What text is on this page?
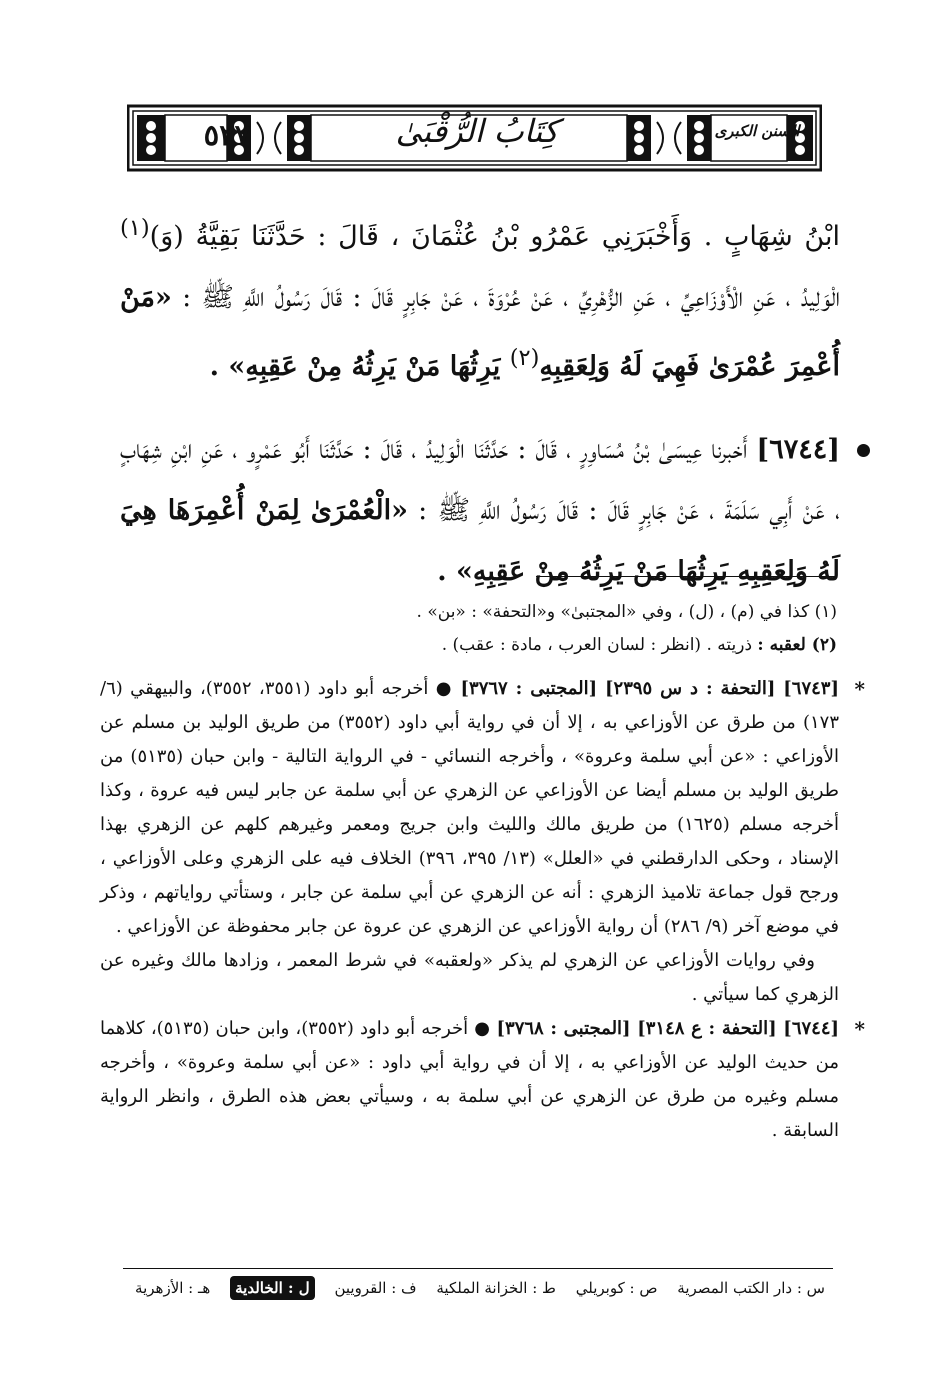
٥٢٧	كِتَابُ الرُّقْبَىٰ	السنن الكبرى

ابْنُ شِهَابٍ . وَأَخْبَرَنِي عَمْرُو بْنُ عُثْمَانَ ، قَالَ : حَدَّثَنَا بَقِيَّةُ (وَ)$^{(١)}$ الْوَلِيدُ ، عَنِ الْأَوْزَاعِيِّ ، عَنِ الزُّهْرِيِّ ، عَنْ عُرْوَةَ ، عَنْ جَابِرٍ قَالَ : قَالَ رَسُولُ اللَّهِ ﷺ : «مَنْ أُعْمِرَ عُمْرَىٰ فَهِيَ لَهُ وَلِعَقِبِهِ$^{(٢)}$ يَرِثُهَا مَنْ يَرِثُهُ مِنْ عَقِبِهِ» .

[٦٧٤٤] أَخبرنا عِيسَىٰ بْنُ مُسَاوِرٍ ، قَالَ : حَدَّثَنَا الْوَلِيدُ ، قَالَ : حَدَّثَنَا أَبُو عَمْرٍو ، عَنِ ابْنِ شِهَابٍ ، عَنْ أَبِي سَلَمَةَ ، عَنْ جَابِرٍ قَالَ : قَالَ رَسُولُ اللَّهِ ﷺ : «الْعُمْرَىٰ لِمَنْ أُعْمِرَهَا هِيَ لَهُ وَلِعَقِبِهِ يَرِثُهَا مَنْ يَرِثُهُ مِنْ عَقِبِهِ» .

(١) كذا في (م) ، (ل) ، وفي «المجتبىٰ» و«التحفة» : «بن» .

(٢) لعقبه : ذريته . (انظر : لسان العرب ، مادة : عقب) .

*
[٦٧٤٣] [التحفة : د س ٢٣٩٥] [المجتبى : ٣٧٦٧] ● أخرجه أبو داود (٣٥٥١، ٣٥٥٢)، والبيهقي (٦/ ١٧٣) من طرق عن الأوزاعي به ، إلا أن في رواية أبي داود (٣٥٥٢) من طريق الوليد بن مسلم عن الأوزاعي : «عن أبي سلمة وعروة» ، وأخرجه النسائي - في الرواية التالية - وابن حبان (٥١٣٥) من طريق الوليد بن مسلم أيضا عن الأوزاعي عن الزهري عن أبي سلمة عن جابر ليس فيه عروة ، وكذا أخرجه مسلم (١٦٢٥) من طريق مالك والليث وابن جريج ومعمر وغيرهم كلهم عن الزهري بهذا الإسناد ، وحكى الدارقطني في «العلل» (١٣/ ٣٩٥، ٣٩٦) الخلاف فيه على الزهري وعلى الأوزاعي ، ورجح قول جماعة تلاميذ الزهري : أنه عن الزهري عن أبي سلمة عن جابر ، وستأتي رواياتهم ، وذكر في موضع آخر (٩/ ٢٨٦) أن رواية الأوزاعي عن الزهري عن عروة عن جابر محفوظة عن الأوزاعي .
وفي روايات الأوزاعي عن الزهري لم يذكر «ولعقبه» في شرط المعمر ، وزادها مالك وغيره عن الزهري كما سيأتي .
*
[٦٧٤٤] [التحفة : ع ٣١٤٨] [المجتبى : ٣٧٦٨] ● أخرجه أبو داود (٣٥٥٢)، وابن حبان (٥١٣٥)، كلاهما من حديث الوليد عن الأوزاعي به ، إلا أن في رواية أبي داود : «عن أبي سلمة وعروة» ، وأخرجه مسلم وغيره من طرق عن الزهري عن أبي سلمة به ، وسيأتي بعض هذه الطرق ، وانظر الرواية السابقة .
س : دار الكتب المصرية
ص : كوبريلي
ط : الخزانة الملكية
ف : القرويين
ل : الخالدية
هـ : الأزهرية
